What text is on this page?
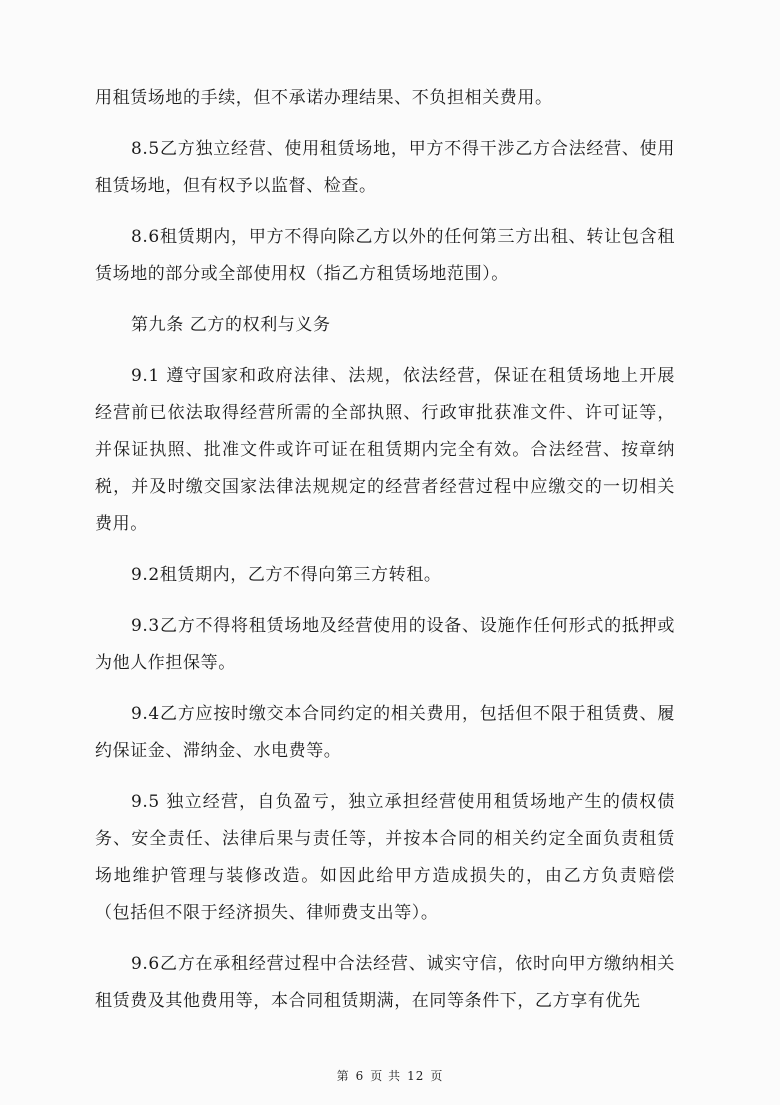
用租赁场地的手续，但不承诺办理结果、不负担相关费用。

8.5乙方独立经营、使用租赁场地，甲方不得干涉乙方合法经营、使用租赁场地，但有权予以监督、检查。

8.6租赁期内，甲方不得向除乙方以外的任何第三方出租、转让包含租赁场地的部分或全部使用权（指乙方租赁场地范围）。

第九条 乙方的权利与义务

9.1 遵守国家和政府法律、法规，依法经营，保证在租赁场地上开展经营前已依法取得经营所需的全部执照、行政审批获准文件、许可证等，并保证执照、批准文件或许可证在租赁期内完全有效。合法经营、按章纳税，并及时缴交国家法律法规规定的经营者经营过程中应缴交的一切相关费用。

9.2租赁期内，乙方不得向第三方转租。

9.3乙方不得将租赁场地及经营使用的设备、设施作任何形式的抵押或为他人作担保等。

9.4乙方应按时缴交本合同约定的相关费用，包括但不限于租赁费、履约保证金、滞纳金、水电费等。

9.5 独立经营，自负盈亏，独立承担经营使用租赁场地产生的债权债务、安全责任、法律后果与责任等，并按本合同的相关约定全面负责租赁场地维护管理与装修改造。如因此给甲方造成损失的，由乙方负责赔偿（包括但不限于经济损失、律师费支出等）。

9.6乙方在承租经营过程中合法经营、诚实守信，依时向甲方缴纳相关租赁费及其他费用等，本合同租赁期满，在同等条件下，乙方享有优先

第 6 页 共 12 页
